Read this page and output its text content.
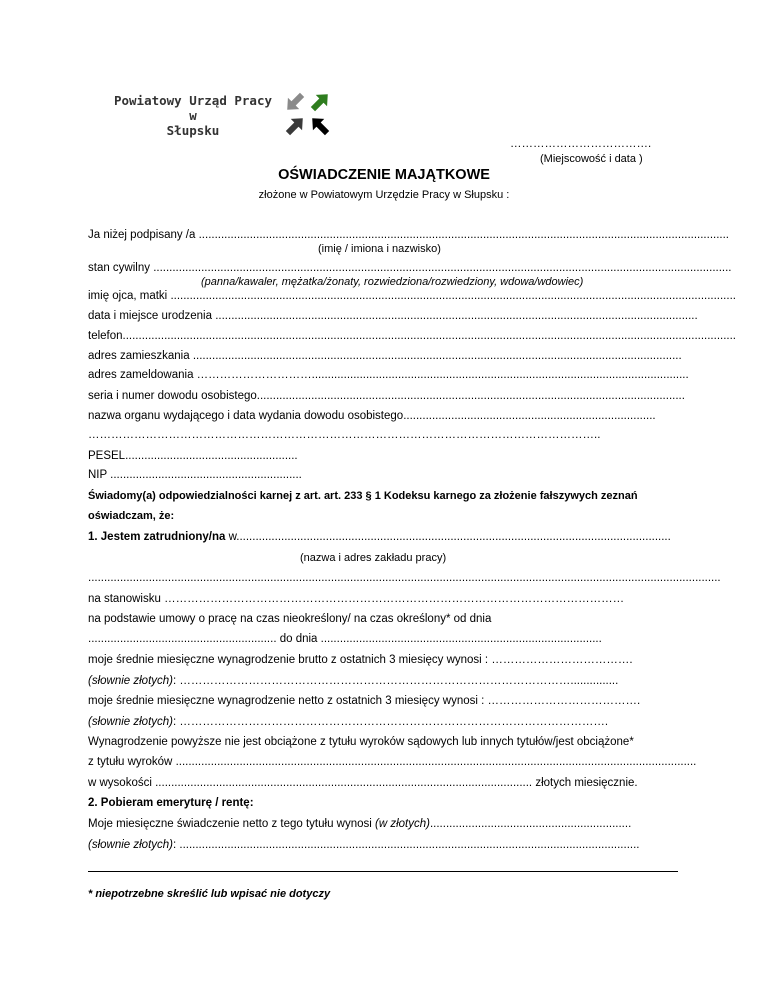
Powiatowy Urząd Pracy
w
Słupsku
……………………………….
(Miejscowość i data )
OŚWIADCZENIE MAJĄTKOWE
złożone w Powiatowym Urzędzie Pracy w Słupsku :
Ja niżej podpisany /a ......................................................................................................................................................................
(imię / imiona i nazwisko)
stan cywilny .....................................................................................................................................................................................
(panna/kawaler, mężatka/żonaty, rozwiedziona/rozwiedziony, wdowa/wdowiec)
imię ojca, matki .................................................................................................................................................................................
data i miejsce urodzenia .......................................................................................................................................................
telefon................................................................................................................................................................................................
adres zamieszkania .........................................................................................................................................................
adres zameldowania …………………………......................................................................................................................
seria i numer dowodu osobistego......................................................................................................................................
nazwa organu wydającego i data wydania dowodu osobistego...............................................................................
……………………………………………………………………………………………………………………..
PESEL......................................................
NIP ............................................................
Świadomy(a) odpowiedzialności karnej z art. art. 233 § 1 Kodeksu karnego za złożenie fałszywych zeznań
oświadczam, że:
1. Jestem zatrudniony/na w........................................................................................................................................
(nazwa i adres zakładu pracy)
......................................................................................................................................................................................................
na stanowisku …………………………………………………………………………………………………………
na podstawie umowy o pracę na czas nieokreślony/ na czas określony* od dnia
........................................................... do dnia ........................................................................................
moje średnie miesięczne wynagrodzenie brutto z ostatnich 3 miesięcy wynosi : ……………………………….
(słownie złotych): …………………………………………………………………………………………...............
moje średnie miesięczne wynagrodzenie netto z ostatnich 3 miesięcy wynosi : ………………………………….
(słownie złotych): ………………………………………………………………………………………………….
Wynagrodzenie powyższe nie jest obciążone z tytułu wyroków sądowych lub innych tytułów/jest obciążone*
z tytułu wyroków ...................................................................................................................................................................
w wysokości ...................................................................................................................... złotych miesięcznie.
2. Pobieram emeryturę / rentę:
Moje miesięczne świadczenie netto z tego tytułu wynosi (w złotych)...............................................................
(słownie złotych): ................................................................................................................................................
* niepotrzebne skreślić lub wpisać nie dotyczy
